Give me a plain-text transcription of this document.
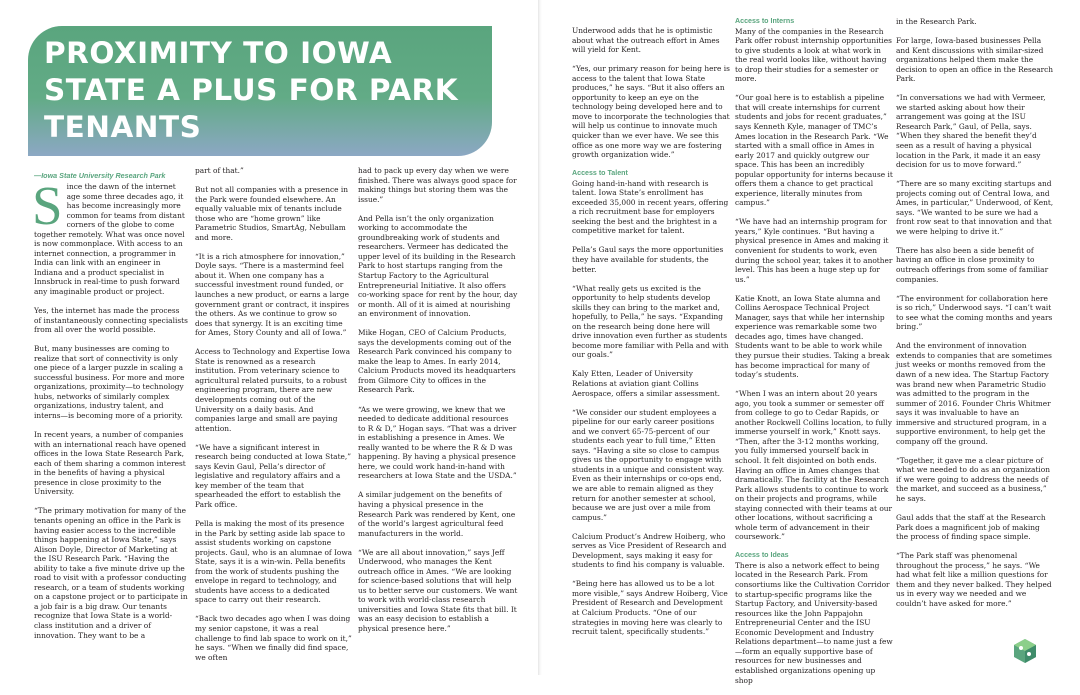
PROXIMITY TO IOWA STATE A PLUS FOR PARK TENANTS
—Iowa State University Research Park

Since the dawn of the internet age some three decades ago, it has become increasingly more common for teams from distant corners of the globe to come together remotely. What was once novel is now commonplace. With access to an internet connection, a programmer in India can link with an engineer in Indiana and a product specialist in Innsbruck in real-time to push forward any imaginable product or project.

Yes, the internet has made the process of instantaneously connecting specialists from all over the world possible.

But, many businesses are coming to realize that sort of connectivity is only one piece of a larger puzzle in scaling a successful business. For more and more organizations, proximity—to technology hubs, networks of similarly complex organizations, industry talent, and interns—is becoming more of a priority.

In recent years, a number of companies with an international reach have opened offices in the Iowa State Research Park, each of them sharing a common interest in the benefits of having a physical presence in close proximity to the University.

“The primary motivation for many of the tenants opening an office in the Park is having easier access to the incredible things happening at Iowa State,” says Alison Doyle, Director of Marketing at the ISU Research Park. “Having the ability to take a five minute drive up the road to visit with a professor conducting research, or a team of students working on a capstone project or to participate in a job fair is a big draw. Our tenants recognize that Iowa State is a world-class institution and a driver of innovation. They want to be a

part of that.”

But not all companies with a presence in the Park were founded elsewhere. An equally valuable mix of tenants include those who are “home grown” like Parametric Studios, SmartAg, Nebullam and more.

“It is a rich atmosphere for innovation,” Doyle says. “There is a mastermind feel about it. When one company has a successful investment round funded, or launches a new product, or earns a large government grant or contract, it inspires the others. As we continue to grow so does that synergy. It is an exciting time for Ames, Story County and all of Iowa.”

Access to Technology and Expertise Iowa State is renowned as a research institution. From veterinary science to agricultural related pursuits, to a robust engineering program, there are new developments coming out of the University on a daily basis. And companies large and small are paying attention.

“We have a significant interest in research being conducted at Iowa State,” says Kevin Gaul, Pella’s director of legislative and regulatory affairs and a key member of the team that spearheaded the effort to establish the Park office.

Pella is making the most of its presence in the Park by setting aside lab space to assist students working on capstone projects. Gaul, who is an alumnae of Iowa State, says it is a win-win. Pella benefits from the work of students pushing the envelope in regard to technology, and students have access to a dedicated space to carry out their research.

“Back two decades ago when I was doing my senior capstone, it was a real challenge to find lab space to work on it,” he says. “When we finally did find space, we often

had to pack up every day when we were finished. There was always good space for making things but storing them was the issue.”

And Pella isn’t the only organization working to accommodate the groundbreaking work of students and researchers. Vermeer has dedicated the upper level of its building in the Research Park to host startups ranging from the Startup Factory to the Agricultural Entrepreneurial Initiative. It also offers co-working space for rent by the hour, day or month. All of it is aimed at nourishing an environment of innovation.

Mike Hogan, CEO of Calcium Products, says the developments coming out of the Research Park convinced his company to make the leap to Ames. In early 2014, Calcium Products moved its headquarters from Gilmore City to offices in the Research Park.

“As we were growing, we knew that we needed to dedicate additional resources to R & D,” Hogan says. “That was a driver in establishing a presence in Ames. We really wanted to be where the R & D was happening. By having a physical presence here, we could work hand-in-hand with researchers at Iowa State and the USDA.”

A similar judgement on the benefits of having a physical presence in the Research Park was rendered by Kent, one of the world’s largest agricultural feed manufacturers in the world.

“We are all about innovation,” says Jeff Underwood, who manages the Kent outreach office in Ames. “We are looking for science-based solutions that will help us to better serve our customers. We want to work with world-class research universities and Iowa State fits that bill. It was an easy decision to establish a physical presence here.”

Underwood adds that he is optimistic about what the outreach effort in Ames will yield for Kent.

“Yes, our primary reason for being here is access to the talent that Iowa State produces,” he says. “But it also offers an opportunity to keep an eye on the technology being developed here and to move to incorporate the technologies that will help us continue to innovate much quicker than we ever have. We see this office as one more way we are fostering growth organization wide.”

Access to Talent
Going hand-in-hand with research is talent. Iowa State’s enrollment has exceeded 35,000 in recent years, offering a rich recruitment base for employers seeking the best and the brightest in a competitive market for talent.

Pella’s Gaul says the more opportunities they have available for students, the better.

“What really gets us excited is the opportunity to help students develop skills they can bring to the market and, hopefully, to Pella,” he says. “Expanding on the research being done here will drive innovation even further as students become more familiar with Pella and with our goals.”

Kaly Etten, Leader of University Relations at aviation giant Collins Aerospace, offers a similar assessment.

“We consider our student employees a pipeline for our early career positions and we convert 65-75-percent of our students each year to full time,” Etten says. “Having a site so close to campus gives us the opportunity to engage with students in a unique and consistent way. Even as their internships or co-ops end, we are able to remain aligned as they return for another semester at school, because we are just over a mile from campus.”

Calcium Product’s Andrew Hoiberg, who serves as Vice President of Research and Development, says making it easy for students to find his company is valuable.

“Being here has allowed us to be a lot more visible,” says Andrew Hoiberg, Vice President of Research and Development at Calcium Products. “One of our strategies in moving here was clearly to recruit talent, specifically students.”

Access to Interns
Many of the companies in the Research Park offer robust internship opportunities to give students a look at what work in the real world looks like, without having to drop their studies for a semester or more.

“Our goal here is to establish a pipeline that will create internships for current students and jobs for recent graduates,” says Kenneth Kyle, manager of TMC’s Ames location in the Research Park. “We started with a small office in Ames in early 2017 and quickly outgrew our space. This has been an incredibly popular opportunity for interns because it offers them a chance to get practical experience, literally minutes from campus.”

“We have had an internship program for years,” Kyle continues. “But having a physical presence in Ames and making it convenient for students to work, even during the school year, takes it to another level. This has been a huge step up for us.”

Katie Knott, an Iowa State alumna and Collins Aerospace Technical Project Manager, says that while her internship experience was remarkable some two decades ago, times have changed. Students want to be able to work while they pursue their studies. Taking a break has become impractical for many of today’s students.

“When I was an intern about 20 years ago, you took a summer or semester off from college to go to Cedar Rapids, or another Rockwell Collins location, to fully immerse yourself in work,” Knott says. “Then, after the 3-12 months working, you fully immersed yourself back in school. It felt disjointed on both ends. Having an office in Ames changes that dramatically. The facility at the Research Park allows students to continue to work on their projects and programs, while staying connected with their teams at our other locations, without sacrificing a whole term of advancement in their coursework.”

Access to Ideas
There is also a network effect to being located in the Research Park. From consortiums like the Cultivation Corridor to startup-specific programs like the Startup Factory, and University-based resources like the John Pappajohn Entrepreneurial Center and the ISU Economic Development and Industry Relations department—to name just a few—form an equally supportive base of resources for new businesses and established organizations opening up shop

in the Research Park.

For large, Iowa-based businesses Pella and Kent discussions with similar-sized organizations helped them make the decision to open an office in the Research Park.

“In conversations we had with Vermeer, we started asking about how their arrangement was going at the ISU Research Park,” Gaul, of Pella, says. “When they shared the benefit they’d seen as a result of having a physical location in the Park, it made it an easy decision for us to move forward.”

“There are so many exciting startups and projects coming out of Central Iowa, and Ames, in particular,” Underwood, of Kent, says. “We wanted to be sure we had a front row seat to that innovation and that we were helping to drive it.”

There has also been a side benefit of having an office in close proximity to outreach offerings from some of familiar companies.

“The environment for collaboration here is so rich,” Underwood says. “I can’t wait to see what the coming months and years bring.”

And the environment of innovation extends to companies that are sometimes just weeks or months removed from the dawn of a new idea. The Startup Factory was brand new when Parametric Studio was admitted to the program in the summer of 2016. Founder Chris Whitmer says it was invaluable to have an immersive and structured program, in a supportive environment, to help get the company off the ground.

“Together, it gave me a clear picture of what we needed to do as an organization if we were going to address the needs of the market, and succeed as a business,” he says.

Gaul adds that the staff at the Research Park does a magnificent job of making the process of finding space simple.

“The Park staff was phenomenal throughout the process,” he says. “We had what felt like a million questions for them and they never balked. They helped us in every way we needed and we couldn’t have asked for more.”
